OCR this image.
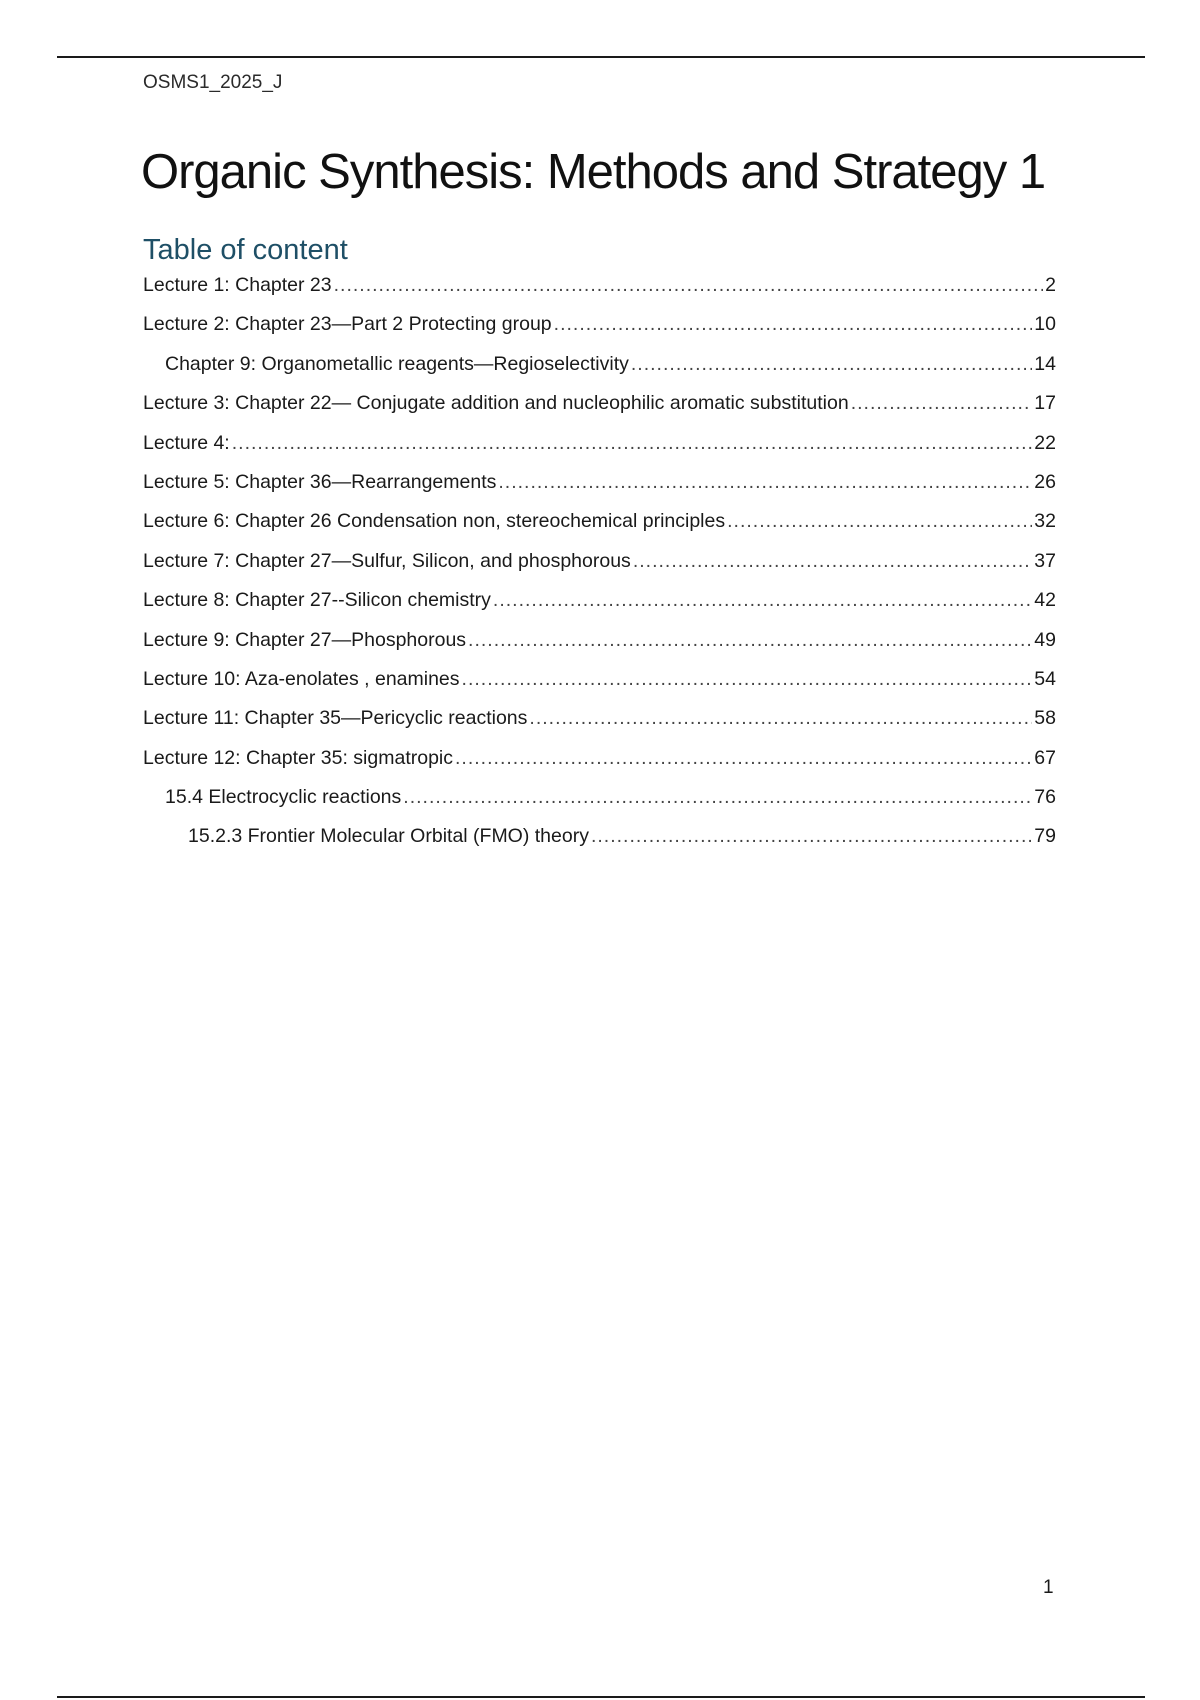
OSMS1_2025_J
Organic Synthesis: Methods and Strategy 1
Table of content
Lecture 1: Chapter 23 .....	2
Lecture 2: Chapter 23—Part 2 Protecting group .....	10
Chapter 9: Organometallic reagents—Regioselectivity .....	14
Lecture 3: Chapter 22— Conjugate addition and nucleophilic aromatic substitution .....	17
Lecture 4: .....	22
Lecture 5: Chapter 36—Rearrangements .....	26
Lecture 6: Chapter 26 Condensation non, stereochemical principles .....	32
Lecture 7: Chapter 27—Sulfur, Silicon, and phosphorous .....	37
Lecture 8: Chapter 27--Silicon chemistry .....	42
Lecture 9: Chapter 27—Phosphorous .....	49
Lecture 10: Aza-enolates , enamines .....	54
Lecture 11: Chapter 35—Pericyclic reactions .....	58
Lecture 12: Chapter 35: sigmatropic .....	67
15.4 Electrocyclic reactions .....	76
15.2.3 Frontier Molecular Orbital (FMO) theory .....	79
1
